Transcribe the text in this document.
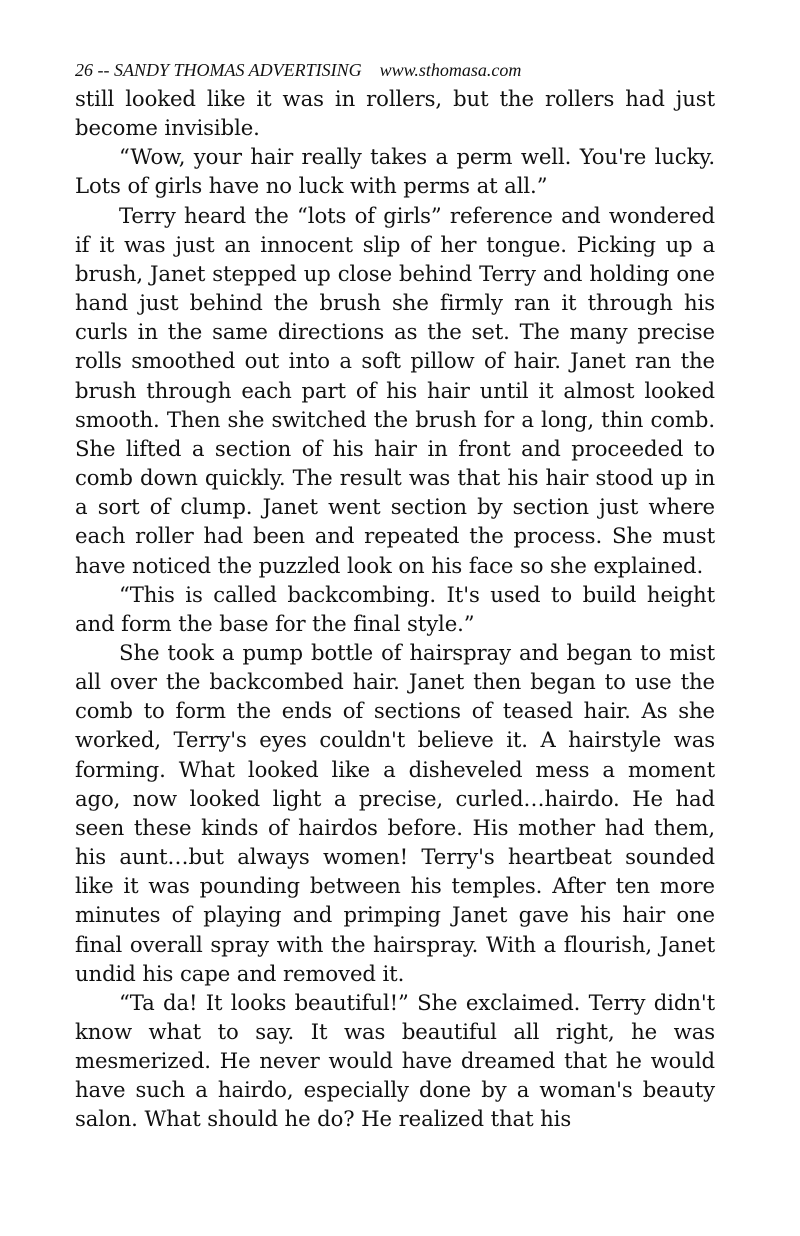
26 -- SANDY THOMAS ADVERTISING www.sthomasa.com

still looked like it was in rollers, but the rollers had just become invisible.

“Wow, your hair really takes a perm well. You're lucky. Lots of girls have no luck with perms at all.”

Terry heard the “lots of girls” reference and wondered if it was just an innocent slip of her tongue. Picking up a brush, Janet stepped up close behind Terry and holding one hand just behind the brush she firmly ran it through his curls in the same directions as the set. The many precise rolls smoothed out into a soft pillow of hair. Janet ran the brush through each part of his hair until it almost looked smooth. Then she switched the brush for a long, thin comb. She lifted a section of his hair in front and proceeded to comb down quickly. The result was that his hair stood up in a sort of clump. Janet went section by section just where each roller had been and repeated the process. She must have noticed the puzzled look on his face so she explained.

“This is called backcombing. It's used to build height and form the base for the final style.”

She took a pump bottle of hairspray and began to mist all over the backcombed hair. Janet then began to use the comb to form the ends of sections of teased hair. As she worked, Terry's eyes couldn't believe it. A hairstyle was forming. What looked like a disheveled mess a moment ago, now looked light a precise, curled…hairdo. He had seen these kinds of hairdos before. His mother had them, his aunt…but always women! Terry's heartbeat sounded like it was pounding between his temples. After ten more minutes of playing and primping Janet gave his hair one final overall spray with the hairspray. With a flourish, Janet undid his cape and removed it.

“Ta da! It looks beautiful!” She exclaimed. Terry didn't know what to say. It was beautiful all right, he was mesmerized. He never would have dreamed that he would have such a hairdo, especially done by a woman's beauty salon. What should he do? He realized that his
